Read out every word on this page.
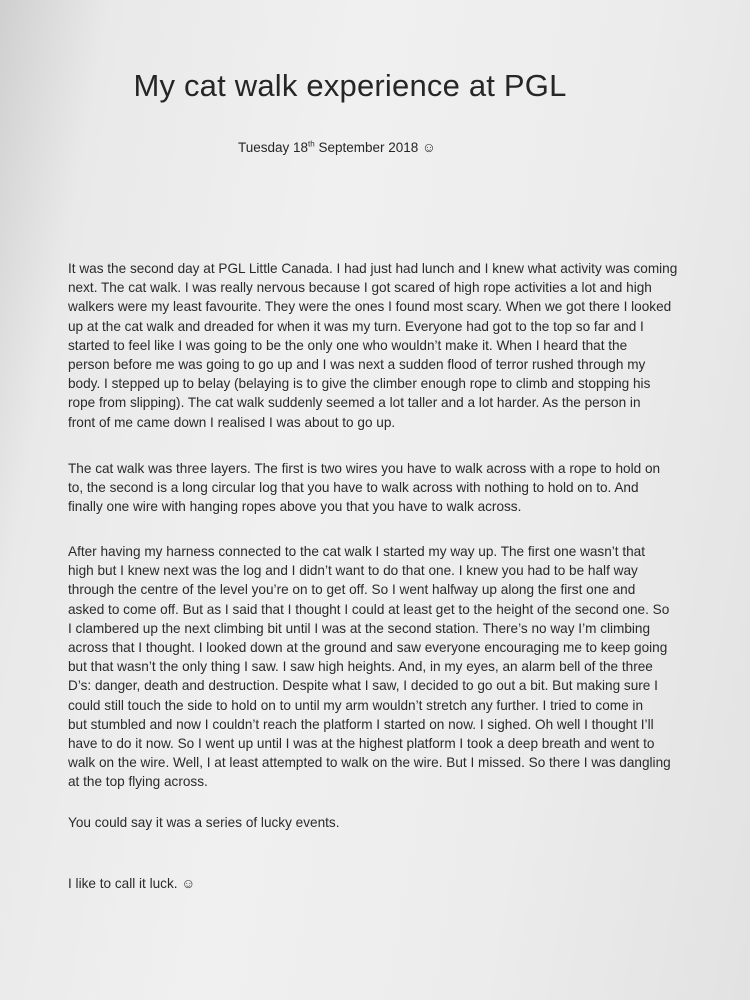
My cat walk experience at PGL
Tuesday 18th September 2018 ☺

It was the second day at PGL Little Canada. I had just had lunch and I knew what activity was coming
next. The cat walk. I was really nervous because I got scared of high rope activities a lot and high
walkers were my least favourite. They were the ones I found most scary. When we got there I looked
up at the cat walk and dreaded for when it was my turn. Everyone had got to the top so far and I
started to feel like I was going to be the only one who wouldn’t make it. When I heard that the
person before me was going to go up and I was next a sudden flood of terror rushed through my
body. I stepped up to belay (belaying is to give the climber enough rope to climb and stopping his
rope from slipping). The cat walk suddenly seemed a lot taller and a lot harder. As the person in
front of me came down I realised I was about to go up.

The cat walk was three layers. The first is two wires you have to walk across with a rope to hold on
to, the second is a long circular log that you have to walk across with nothing to hold on to. And
finally one wire with hanging ropes above you that you have to walk across.

After having my harness connected to the cat walk I started my way up. The first one wasn’t that
high but I knew next was the log and I didn’t want to do that one. I knew you had to be half way
through the centre of the level you’re on to get off. So I went halfway up along the first one and
asked to come off. But as I said that I thought I could at least get to the height of the second one. So
I clambered up the next climbing bit until I was at the second station. There’s no way I’m climbing
across that I thought. I looked down at the ground and saw everyone encouraging me to keep going
but that wasn’t the only thing I saw. I saw high heights. And, in my eyes, an alarm bell of the three
D’s: danger, death and destruction. Despite what I saw, I decided to go out a bit. But making sure I
could still touch the side to hold on to until my arm wouldn’t stretch any further. I tried to come in
but stumbled and now I couldn’t reach the platform I started on now. I sighed. Oh well I thought I’ll
have to do it now. So I went up until I was at the highest platform I took a deep breath and went to
walk on the wire. Well, I at least attempted to walk on the wire. But I missed. So there I was dangling
at the top flying across.

You could say it was a series of lucky events.

I like to call it luck. ☺
